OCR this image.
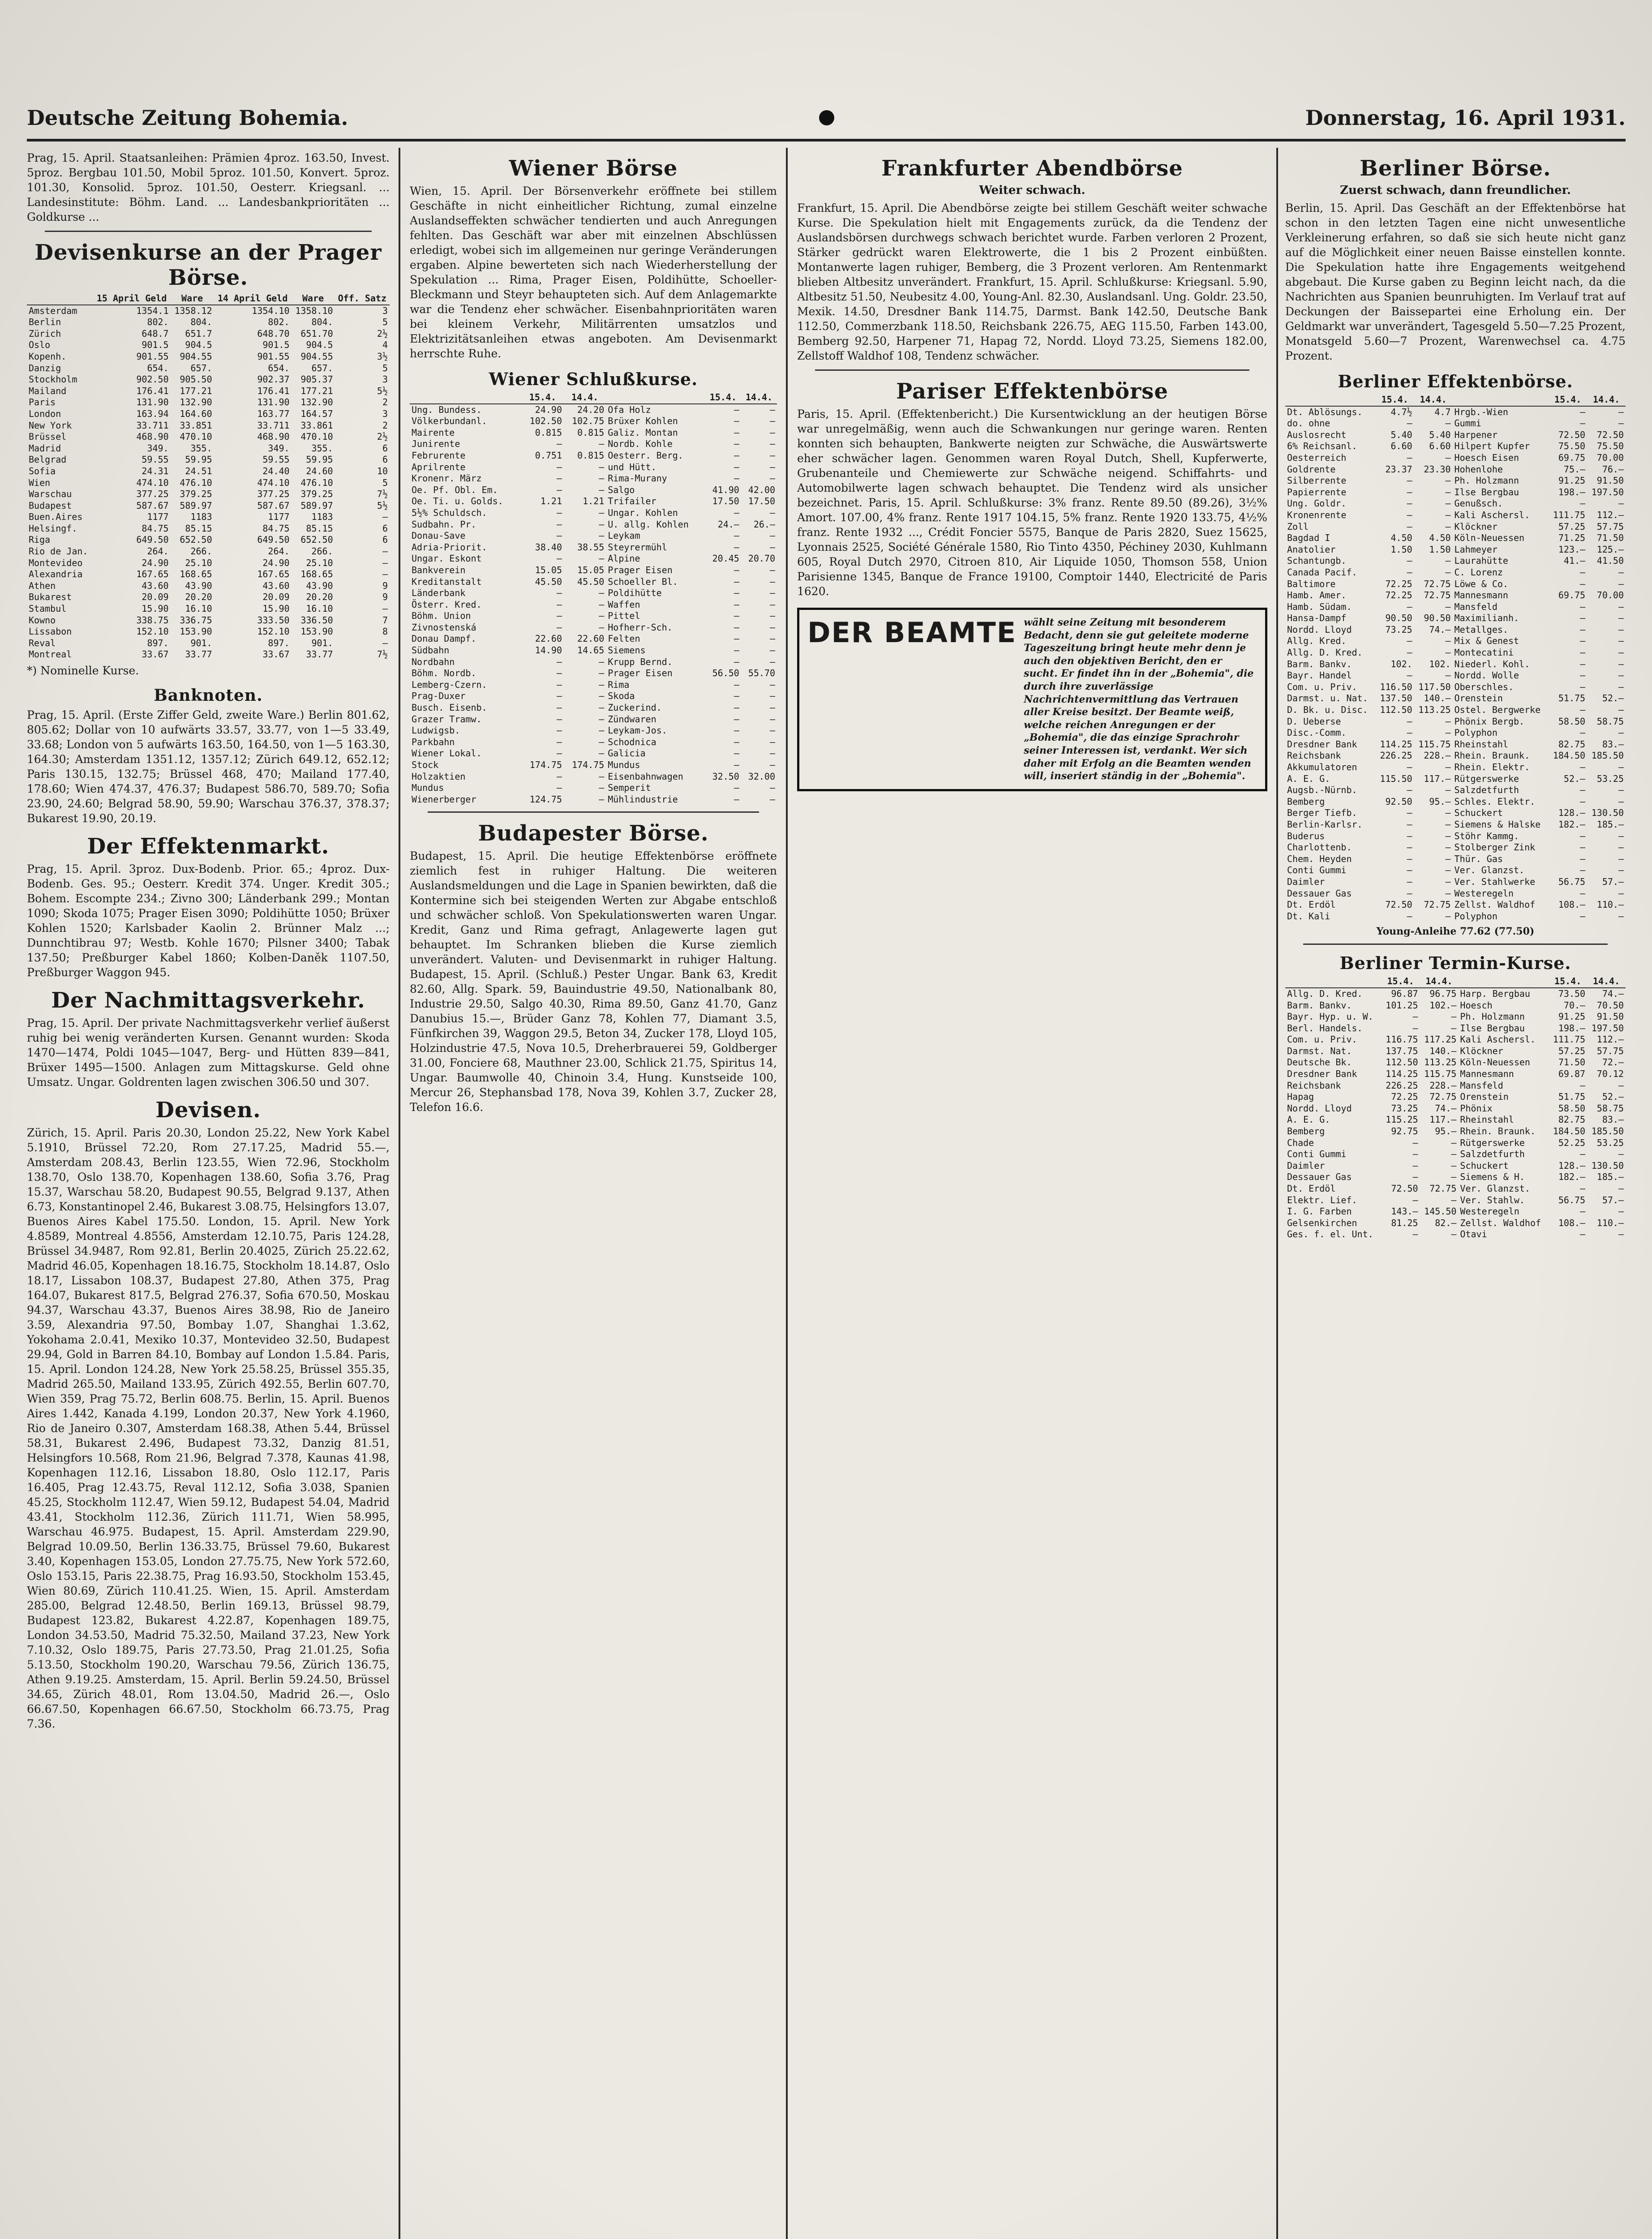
Deutsche Zeitung Bohemia.	Donnerstag, 16. April 1931.
Prag, 15. April. Staatsanleihen: Prämien 4proz. 163.50, Invest. 5proz. Bergbau 101.50, Mobil 5proz. 101.50, Konvert. 5proz. 101.30, Konsolid. 5proz. 101.50, Oesterr. Kriegsanl. ... Landesinstitute: Böhm. Land. ... Landesbankprioritäten ... Goldkurse ...
Devisenkurse an der Prager Börse.
	15 April Geld	Ware	14 April Geld	Ware	Off. Satz
Amsterdam	1354.1	1358.12	1354.10	1358.10	3
Berlin	802.	804.	802.	804.	5
Zürich	648.7	651.7	648.70	651.70	2½
Oslo	901.5	904.5	901.5	904.5	4
Kopenh.	901.55	904.55	901.55	904.55	3½
Danzig	654.	657.	654.	657.	5
Stockholm	902.50	905.50	902.37	905.37	3
Mailand	176.41	177.21	176.41	177.21	5½
Paris	131.90	132.90	131.90	132.90	2
London	163.94	164.60	163.77	164.57	3
New York	33.711	33.851	33.711	33.861	2
Brüssel	468.90	470.10	468.90	470.10	2½
Madrid	349.	355.	349.	355.	6
Belgrad	59.55	59.95	59.55	59.95	6
Sofia	24.31	24.51	24.40	24.60	10
Wien	474.10	476.10	474.10	476.10	5
Warschau	377.25	379.25	377.25	379.25	7½
Budapest	587.67	589.97	587.67	589.97	5½
Buen.Aires	1177	1183	1177	1183	—
Helsingf.	84.75	85.15	84.75	85.15	6
Riga	649.50	652.50	649.50	652.50	6
Rio de Jan.	264.	266.	264.	266.	—
Montevideo	24.90	25.10	24.90	25.10	—
Alexandria	167.65	168.65	167.65	168.65	—
Athen	43.60	43.90	43.60	43.90	9
Bukarest	20.09	20.20	20.09	20.20	9
Stambul	15.90	16.10	15.90	16.10	—
Kowno	338.75	336.75	333.50	336.50	7
Lissabon	152.10	153.90	152.10	153.90	8
Reval	897.	901.	897.	901.	—
Montreal	33.67	33.77	33.67	33.77	7½
*) Nominelle Kurse.
Banknoten.
Prag, 15. April. (Erste Ziffer Geld, zweite Ware.) Berlin 801.62, 805.62; Dollar von 10 aufwärts 33.57, 33.77, von 1—5 33.49, 33.68; London von 5 aufwärts 163.50, 164.50, von 1—5 163.30, 164.30; Amsterdam 1351.12, 1357.12; Zürich 649.12, 652.12; Paris 130.15, 132.75; Brüssel 468, 470; Mailand 177.40, 178.60; Wien 474.37, 476.37; Budapest 586.70, 589.70; Sofia 23.90, 24.60; Belgrad 58.90, 59.90; Warschau 376.37, 378.37; Bukarest 19.90, 20.19.
Der Effektenmarkt.
Prag, 15. April. 3proz. Dux-Bodenb. Prior. 65.; 4proz. Dux-Bodenb. Ges. 95.; Oesterr. Kredit 374. Unger. Kredit 305.; Bohem. Escompte 234.; Zivno 300; Länderbank 299.; Montan 1090; Skoda 1075; Prager Eisen 3090; Poldihütte 1050; Brüxer Kohlen 1520; Karlsbader Kaolin 2. Brünner Malz ...; Dunnchtibrau 97; Westb. Kohle 1670; Pilsner 3400; Tabak 137.50; Preßburger Kabel 1860; Kolben-Daněk 1107.50, Preßburger Waggon 945.
Der Nachmittagsverkehr.
Prag, 15. April. Der private Nachmittagsverkehr verlief äußerst ruhig bei wenig veränderten Kursen. Genannt wurden: Skoda 1470—1474, Poldi 1045—1047, Berg- und Hütten 839—841, Brüxer 1495—1500. Anlagen zum Mittagskurse. Geld ohne Umsatz. Ungar. Goldrenten lagen zwischen 306.50 und 307.
Devisen.
Zürich, 15. April. Paris 20.30, London 25.22, New York Kabel 5.1910, Brüssel 72.20, Rom 27.17.25, Madrid 55.—, Amsterdam 208.43, Berlin 123.55, Wien 72.96, Stockholm 138.70, Oslo 138.70, Kopenhagen 138.60, Sofia 3.76, Prag 15.37, Warschau 58.20, Budapest 90.55, Belgrad 9.137, Athen 6.73, Konstantinopel 2.46, Bukarest 3.08.75, Helsingfors 13.07, Buenos Aires Kabel 175.50. London, 15. April. New York 4.8589, Montreal 4.8556, Amsterdam 12.10.75, Paris 124.28, Brüssel 34.9487, Rom 92.81, Berlin 20.4025, Zürich 25.22.62, Madrid 46.05, Kopenhagen 18.16.75, Stockholm 18.14.87, Oslo 18.17, Lissabon 108.37, Budapest 27.80, Athen 375, Prag 164.07, Bukarest 817.5, Belgrad 276.37, Sofia 670.50, Moskau 94.37, Warschau 43.37, Buenos Aires 38.98, Rio de Janeiro 3.59, Alexandria 97.50, Bombay 1.07, Shanghai 1.3.62, Yokohama 2.0.41, Mexiko 10.37, Montevideo 32.50, Budapest 29.94, Gold in Barren 84.10, Bombay auf London 1.5.84. Paris, 15. April. London 124.28, New York 25.58.25, Brüssel 355.35, Madrid 265.50, Mailand 133.95, Zürich 492.55, Berlin 607.70, Wien 359, Prag 75.72, Berlin 608.75. Berlin, 15. April. Buenos Aires 1.442, Kanada 4.199, London 20.37, New York 4.1960, Rio de Janeiro 0.307, Amsterdam 168.38, Athen 5.44, Brüssel 58.31, Bukarest 2.496, Budapest 73.32, Danzig 81.51, Helsingfors 10.568, Rom 21.96, Belgrad 7.378, Kaunas 41.98, Kopenhagen 112.16, Lissabon 18.80, Oslo 112.17, Paris 16.405, Prag 12.43.75, Reval 112.12, Sofia 3.038, Spanien 45.25, Stockholm 112.47, Wien 59.12, Budapest 54.04, Madrid 43.41, Stockholm 112.36, Zürich 111.71, Wien 58.995, Warschau 46.975. Budapest, 15. April. Amsterdam 229.90, Belgrad 10.09.50, Berlin 136.33.75, Brüssel 79.60, Bukarest 3.40, Kopenhagen 153.05, London 27.75.75, New York 572.60, Oslo 153.15, Paris 22.38.75, Prag 16.93.50, Stockholm 153.45, Wien 80.69, Zürich 110.41.25. Wien, 15. April. Amsterdam 285.00, Belgrad 12.48.50, Berlin 169.13, Brüssel 98.79, Budapest 123.82, Bukarest 4.22.87, Kopenhagen 189.75, London 34.53.50, Madrid 75.32.50, Mailand 37.23, New York 7.10.32, Oslo 189.75, Paris 27.73.50, Prag 21.01.25, Sofia 5.13.50, Stockholm 190.20, Warschau 79.56, Zürich 136.75, Athen 9.19.25. Amsterdam, 15. April. Berlin 59.24.50, Brüssel 34.65, Zürich 48.01, Rom 13.04.50, Madrid 26.—, Oslo 66.67.50, Kopenhagen 66.67.50, Stockholm 66.73.75, Prag 7.36.
Wiener Börse
Wien, 15. April. Der Börsenverkehr eröffnete bei stillem Geschäfte in nicht einheitlicher Richtung, zumal einzelne Auslandseffekten schwächer tendierten und auch Anregungen fehlten. Das Geschäft war aber mit einzelnen Abschlüssen erledigt, wobei sich im allgemeinen nur geringe Veränderungen ergaben. Alpine bewerteten sich nach Wiederherstellung der Spekulation ... Rima, Prager Eisen, Poldihütte, Schoeller-Bleckmann und Steyr behaupteten sich. Auf dem Anlagemarkte war die Tendenz eher schwächer. Eisenbahnprioritäten waren bei kleinem Verkehr, Militärrenten umsatzlos und Elektrizitätsanleihen etwas angeboten. Am Devisenmarkt herrschte Ruhe.
Wiener Schlußkurse.
	15.4.	14.4.		15.4.	14.4.
Ung. Bundess.	24.90	24.20	Ofa Holz	—	—
Völkerbundanl.	102.50	102.75	Brüxer Kohlen	—	—
Mairente	0.815	0.815	Galiz. Montan	—	—
Junirente	—	—	Nordb. Kohle	—	—
Februrente	0.751	0.815	Oesterr. Berg.	—	—
Aprilrente	—	—	und Hütt.	—	—
Kronenr. März	—	—	Rima-Murany	—	—
Oe. Pf. Obl. Em.	—	—	Salgo	41.90	42.00
Oe. Ti. u. Golds.	1.21	1.21	Trifailer	17.50	17.50
5½% Schuldsch.	—	—	Ungar. Kohlen	—	—
Sudbahn. Pr.	—	—	U. allg. Kohlen	24.—	26.—
Donau-Save	—	—	Leykam	—	—
Adria-Priorit.	38.40	38.55	Steyrermühl	—	—
Ungar. Eskont	—	—	Alpine	20.45	20.70
Bankverein	15.05	15.05	Prager Eisen	—	—
Kreditanstalt	45.50	45.50	Schoeller Bl.	—	—
Länderbank	—	—	Poldihütte	—	—
Österr. Kred.	—	—	Waffen	—	—
Böhm. Union	—	—	Pittel	—	—
Zivnostenská	—	—	Hofherr-Sch.	—	—
Donau Dampf.	22.60	22.60	Felten	—	—
Südbahn	14.90	14.65	Siemens	—	—
Nordbahn	—	—	Krupp Bernd.	—	—
Böhm. Nordb.	—	—	Prager Eisen	56.50	55.70
Lemberg-Czern.	—	—	Rima	—	—
Prag-Duxer	—	—	Skoda	—	—
Busch. Eisenb.	—	—	Zuckerind.	—	—
Grazer Tramw.	—	—	Zündwaren	—	—
Ludwigsb.	—	—	Leykam-Jos.	—	—
Parkbahn	—	—	Schodnica	—	—
Wiener Lokal.	—	—	Galicia	—	—
Stock	174.75	174.75	Mundus	—	—
Holzaktien	—	—	Eisenbahnwagen	32.50	32.00
Mundus	—	—	Semperit	—	—
Wienerberger	124.75	—	Mühlindustrie	—	—
Budapester Börse.
Budapest, 15. April. Die heutige Effektenbörse eröffnete ziemlich fest in ruhiger Haltung. Die weiteren Auslandsmeldungen und die Lage in Spanien bewirkten, daß die Kontermine sich bei steigenden Werten zur Abgabe entschloß und schwächer schloß. Von Spekulationswerten waren Ungar. Kredit, Ganz und Rima gefragt, Anlagewerte lagen gut behauptet. Im Schranken blieben die Kurse ziemlich unverändert. Valuten- und Devisenmarkt in ruhiger Haltung. Budapest, 15. April. (Schluß.) Pester Ungar. Bank 63, Kredit 82.60, Allg. Spark. 59, Bauindustrie 49.50, Nationalbank 80, Industrie 29.50, Salgo 40.30, Rima 89.50, Ganz 41.70, Ganz Danubius 15.—, Brüder Ganz 78, Kohlen 77, Diamant 3.5, Fünfkirchen 39, Waggon 29.5, Beton 34, Zucker 178, Lloyd 105, Holzindustrie 47.5, Nova 10.5, Dreherbrauerei 59, Goldberger 31.00, Fonciere 68, Mauthner 23.00, Schlick 21.75, Spiritus 14, Ungar. Baumwolle 40, Chinoin 3.4, Hung. Kunstseide 100, Mercur 26, Stephansbad 178, Nova 39, Kohlen 3.7, Zucker 28, Telefon 16.6.
Frankfurter Abendbörse
Weiter schwach.
Frankfurt, 15. April. Die Abendbörse zeigte bei stillem Geschäft weiter schwache Kurse. Die Spekulation hielt mit Engagements zurück, da die Tendenz der Auslandsbörsen durchwegs schwach berichtet wurde. Farben verloren 2 Prozent, Stärker gedrückt waren Elektrowerte, die 1 bis 2 Prozent einbüßten. Montanwerte lagen ruhiger, Bemberg, die 3 Prozent verloren. Am Rentenmarkt blieben Altbesitz unverändert. Frankfurt, 15. April. Schlußkurse: Kriegsanl. 5.90, Altbesitz 51.50, Neubesitz 4.00, Young-Anl. 82.30, Auslandsanl. Ung. Goldr. 23.50, Mexik. 14.50, Dresdner Bank 114.75, Darmst. Bank 142.50, Deutsche Bank 112.50, Commerzbank 118.50, Reichsbank 226.75, AEG 115.50, Farben 143.00, Bemberg 92.50, Harpener 71, Hapag 72, Nordd. Lloyd 73.25, Siemens 182.00, Zellstoff Waldhof 108, Tendenz schwächer.
Pariser Effektenbörse
Paris, 15. April. (Effektenbericht.) Die Kursentwicklung an der heutigen Börse war unregelmäßig, wenn auch die Schwankungen nur geringe waren. Renten konnten sich behaupten, Bankwerte neigten zur Schwäche, die Auswärtswerte eher schwächer lagen. Genommen waren Royal Dutch, Shell, Kupferwerte, Grubenanteile und Chemiewerte zur Schwäche neigend. Schiffahrts- und Automobilwerte lagen schwach behauptet. Die Tendenz wird als unsicher bezeichnet. Paris, 15. April. Schlußkurse: 3% franz. Rente 89.50 (89.26), 3½% Amort. 107.00, 4% franz. Rente 1917 104.15, 5% franz. Rente 1920 133.75, 4½% franz. Rente 1932 ..., Crédit Foncier 5575, Banque de Paris 2820, Suez 15625, Lyonnais 2525, Société Générale 1580, Rio Tinto 4350, Péchiney 2030, Kuhlmann 605, Royal Dutch 2970, Citroen 810, Air Liquide 1050, Thomson 558, Union Parisienne 1345, Banque de France 19100, Comptoir 1440, Electricité de Paris 1620.
DER BEAMTE wählt seine Zeitung mit besonderem Bedacht, denn sie gut geleitete moderne Tageszeitung bringt heute mehr denn je auch den objektiven Bericht, den er sucht. Er findet ihn in der „Bohemia", die durch ihre zuverlässige Nachrichtenvermittlung das Vertrauen aller Kreise besitzt. Der Beamte weiß, welche reichen Anregungen er der „Bohemia", die das einzige Sprachrohr seiner Interessen ist, verdankt. Wer sich daher mit Erfolg an die Beamten wenden will, inseriert ständig in der „Bohemia".
Berliner Börse.
Zuerst schwach, dann freundlicher.
Berlin, 15. April. Das Geschäft an der Effektenbörse hat schon in den letzten Tagen eine nicht unwesentliche Verkleinerung erfahren, so daß sie sich heute nicht ganz auf die Möglichkeit einer neuen Baisse einstellen konnte. Die Spekulation hatte ihre Engagements weitgehend abgebaut. Die Kurse gaben zu Beginn leicht nach, da die Nachrichten aus Spanien beunruhigten. Im Verlauf trat auf Deckungen der Baissepartei eine Erholung ein. Der Geldmarkt war unverändert, Tagesgeld 5.50—7.25 Prozent, Monatsgeld 5.60—7 Prozent, Warenwechsel ca. 4.75 Prozent.
Berliner Effektenbörse.
	15.4.	14.4.		15.4.	14.4.
Dt. Ablösungs.	4.7½	4.7	Hrgb.-Wien	—	—
do. ohne	—	—	Gummi	—	—
Auslosrecht	5.40	5.40	Harpener	72.50	72.50
6% Reichsanl.	6.60	6.60	Hilpert Kupfer	75.50	75.50
Oesterreich	—	—	Hoesch Eisen	69.75	70.00
Goldrente	23.37	23.30	Hohenlohe	75.—	76.—
Silberrente	—	—	Ph. Holzmann	91.25	91.50
Papierrente	—	—	Ilse Bergbau	198.—	197.50
Ung. Goldr.	—	—	Genußsch.	—	—
Kronenrente	—	—	Kali Aschersl.	111.75	112.—
Zoll	—	—	Klöckner	57.25	57.75
Bagdad I	4.50	4.50	Köln-Neuessen	71.25	71.50
Anatolier	1.50	1.50	Lahmeyer	123.—	125.—
Schantungb.	—	—	Laurahütte	41.—	41.50
Canada Pacif.	—	—	C. Lorenz	—	—
Baltimore	72.25	72.75	Löwe & Co.	—	—
Hamb. Amer.	72.25	72.75	Mannesmann	69.75	70.00
Hamb. Südam.	—	—	Mansfeld	—	—
Hansa-Dampf	90.50	90.50	Maximilianh.	—	—
Nordd. Lloyd	73.25	74.—	Metallges.	—	—
Allg. Kred.	—	—	Mix & Genest	—	—
Allg. D. Kred.	—	—	Montecatini	—	—
Barm. Bankv.	102.	102.	Niederl. Kohl.	—	—
Bayr. Handel	—	—	Nordd. Wolle	—	—
Com. u. Priv.	116.50	117.50	Oberschles.	—	—
Darmst. u. Nat.	137.50	140.—	Orenstein	51.75	52.—
D. Bk. u. Disc.	112.50	113.25	Ostel. Bergwerke	—	—
D. Ueberse	—	—	Phönix Bergb.	58.50	58.75
Disc.-Comm.	—	—	Polyphon	—	—
Dresdner Bank	114.25	115.75	Rheinstahl	82.75	83.—
Reichsbank	226.25	228.—	Rhein. Braunk.	184.50	185.50
Akkumulatoren	—	—	Rhein. Elektr.	—	—
A. E. G.	115.50	117.—	Rütgerswerke	52.—	53.25
Augsb.-Nürnb.	—	—	Salzdetfurth	—	—
Bemberg	92.50	95.—	Schles. Elektr.	—	—
Berger Tiefb.	—	—	Schuckert	128.—	130.50
Berlin-Karlsr.	—	—	Siemens & Halske	182.—	185.—
Buderus	—	—	Stöhr Kammg.	—	—
Charlottenb.	—	—	Stolberger Zink	—	—
Chem. Heyden	—	—	Thür. Gas	—	—
Conti Gummi	—	—	Ver. Glanzst.	—	—
Daimler	—	—	Ver. Stahlwerke	56.75	57.—
Dessauer Gas	—	—	Westeregeln	—	—
Dt. Erdöl	72.50	72.75	Zellst. Waldhof	108.—	110.—
Dt. Kali	—	—	Polyphon	—	—
Young-Anleihe 77.62 (77.50)
Berliner Termin-Kurse.
	15.4.	14.4.		15.4.	14.4.
Allg. D. Kred.	96.87	96.75	Harp. Bergbau	73.50	74.—
Barm. Bankv.	101.25	102.—	Hoesch	70.—	70.50
Bayr. Hyp. u. W.	—	—	Ph. Holzmann	91.25	91.50
Berl. Handels.	—	—	Ilse Bergbau	198.—	197.50
Com. u. Priv.	116.75	117.25	Kali Aschersl.	111.75	112.—
Darmst. Nat.	137.75	140.—	Klöckner	57.25	57.75
Deutsche Bk.	112.50	113.25	Köln-Neuessen	71.50	72.—
Dresdner Bank	114.25	115.75	Mannesmann	69.87	70.12
Reichsbank	226.25	228.—	Mansfeld	—	—
Hapag	72.25	72.75	Orenstein	51.75	52.—
Nordd. Lloyd	73.25	74.—	Phönix	58.50	58.75
A. E. G.	115.25	117.—	Rheinstahl	82.75	83.—
Bemberg	92.75	95.—	Rhein. Braunk.	184.50	185.50
Chade	—	—	Rütgerswerke	52.25	53.25
Conti Gummi	—	—	Salzdetfurth	—	—
Daimler	—	—	Schuckert	128.—	130.50
Dessauer Gas	—	—	Siemens & H.	182.—	185.—
Dt. Erdöl	72.50	72.75	Ver. Glanzst.	—	—
Elektr. Lief.	—	—	Ver. Stahlw.	56.75	57.—
I. G. Farben	143.—	145.50	Westeregeln	—	—
Gelsenkirchen	81.25	82.—	Zellst. Waldhof	108.—	110.—
Ges. f. el. Unt.	—	—	Otavi	—	—
